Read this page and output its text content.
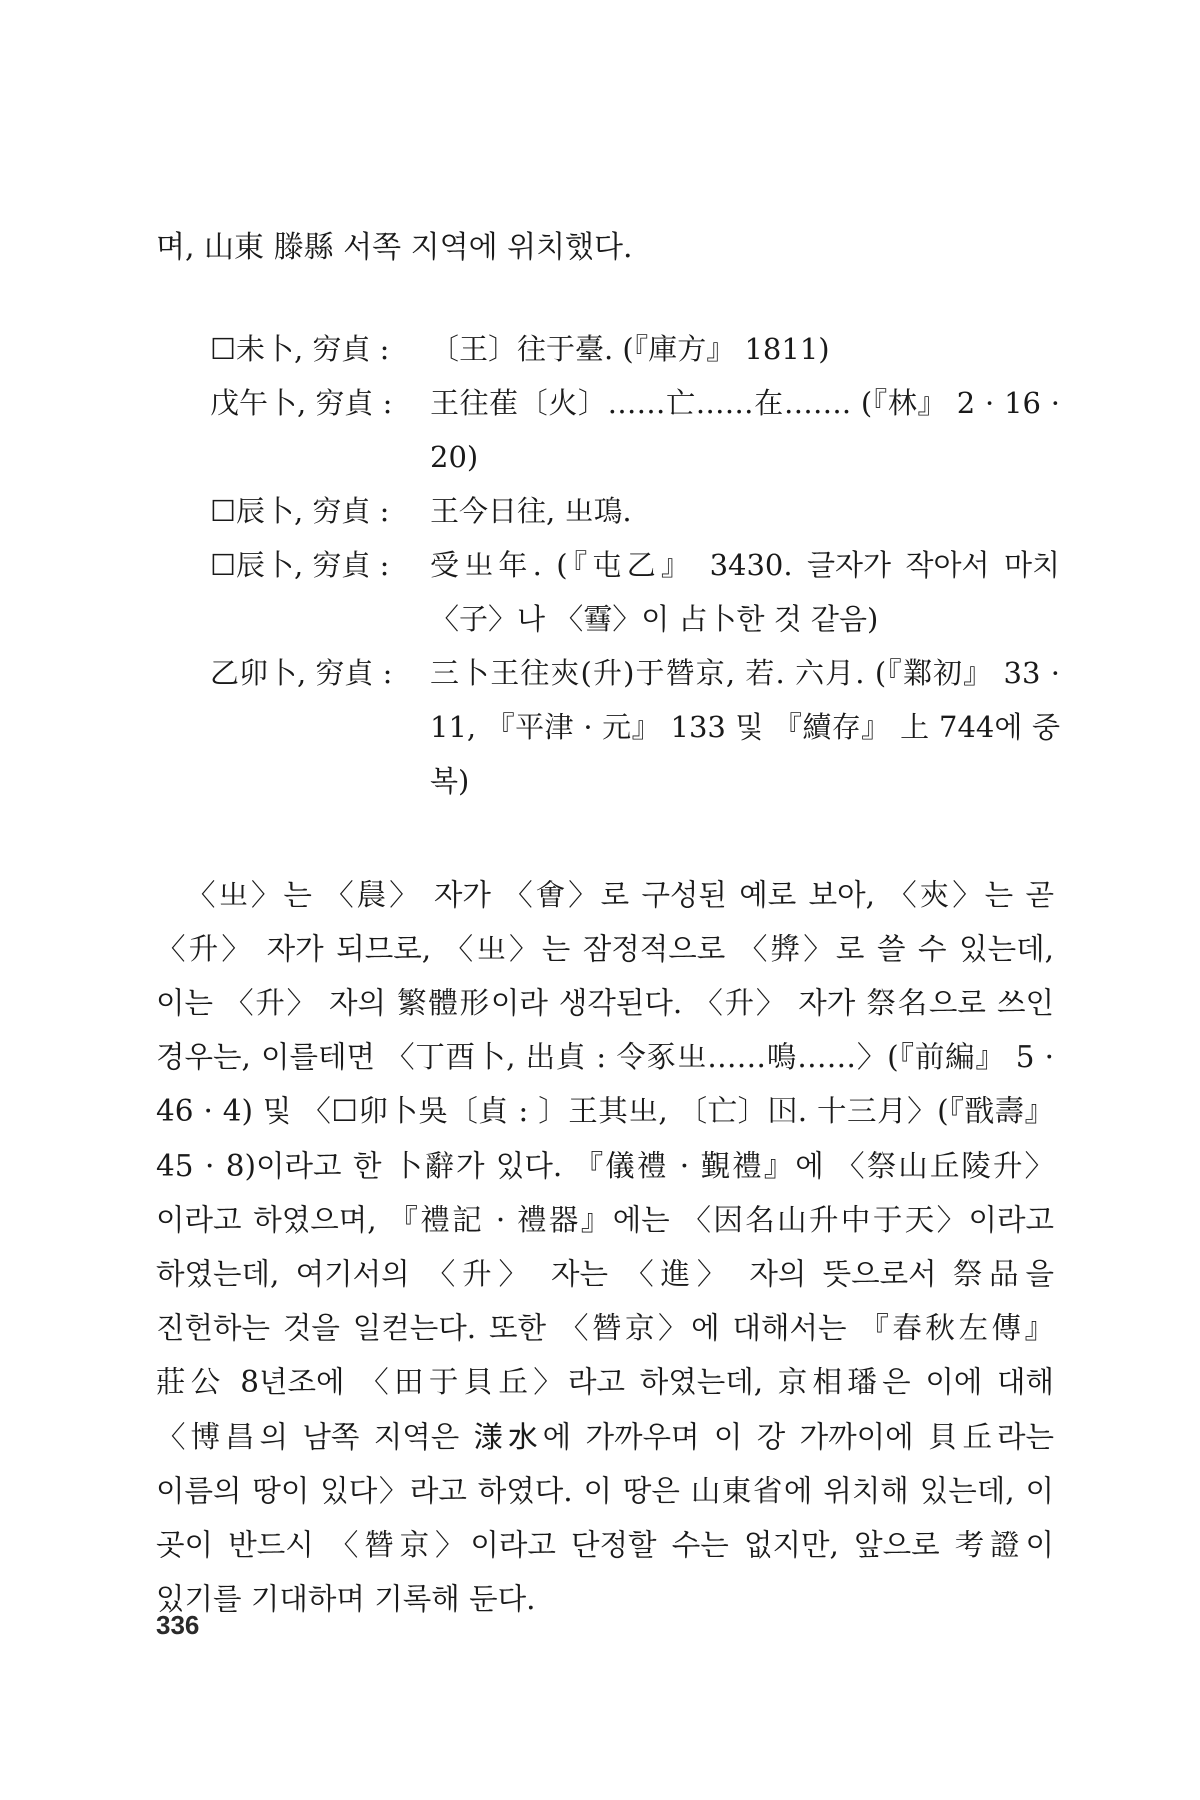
며, 山東 滕縣 서쪽 지역에 위치했다.
☐未卜, 穷貞 :	〔王〕往于臺. (『庫方』 1811)
戊午卜, 穷貞 :	王往萑〔火〕……亡……在……. (『林』 2 · 16 · 20)
☐辰卜, 穷貞 :	王今日往, 㞢䲨.
☐辰卜, 穷貞 :	受㞢年. (『屯乙』 3430. 글자가 작아서 마치 〈子〉나 〈䨮〉이 占卜한 것 같음)
乙卯卜, 穷貞 :	三卜王往㚒(升)于㬱京, 若. 六月. (『鄴初』 33 · 11, 『平津 · 元』 133 및 『續存』 上 744에 중복)

〈㞢〉는 〈䢅〉 자가 〈㑹〉로 구성된 예로 보아, 〈㚒〉는 곧 〈升〉 자가 되므로, 〈㞢〉는 잠정적으로 〈㢡〉로 쓸 수 있는데, 이는 〈升〉 자의 繁體形이라 생각된다. 〈升〉 자가 祭名으로 쓰인 경우는, 이를테면 〈丁酉卜, 出貞 : 令豖㞢……鳴……〉(『前編』 5 · 46 · 4) 및 〈☐卯卜吳〔貞 : 〕王其㞢, 〔亡〕𡆥. 十三月〉(『戬壽』 45 · 8)이라고 한 卜辭가 있다. 『儀禮 · 覲禮』에 〈祭山丘陵升〉이라고 하였으며, 『禮記 · 禮器』에는 〈因名山升中于天〉이라고 하였는데, 여기서의 〈升〉 자는 〈進〉 자의 뜻으로서 祭品을 진헌하는 것을 일컫는다. 또한 〈㬱京〉에 대해서는 『春秋左傳』 莊公 8년조에 〈田于貝丘〉라고 하였는데, 京相璠은 이에 대해 〈博昌의 남쪽 지역은 𣻌水에 가까우며 이 강 가까이에 貝丘라는 이름의 땅이 있다〉라고 하였다. 이 땅은 山東省에 위치해 있는데, 이 곳이 반드시 〈㬱京〉이라고 단정할 수는 없지만, 앞으로 考證이 있기를 기대하며 기록해 둔다.

336
